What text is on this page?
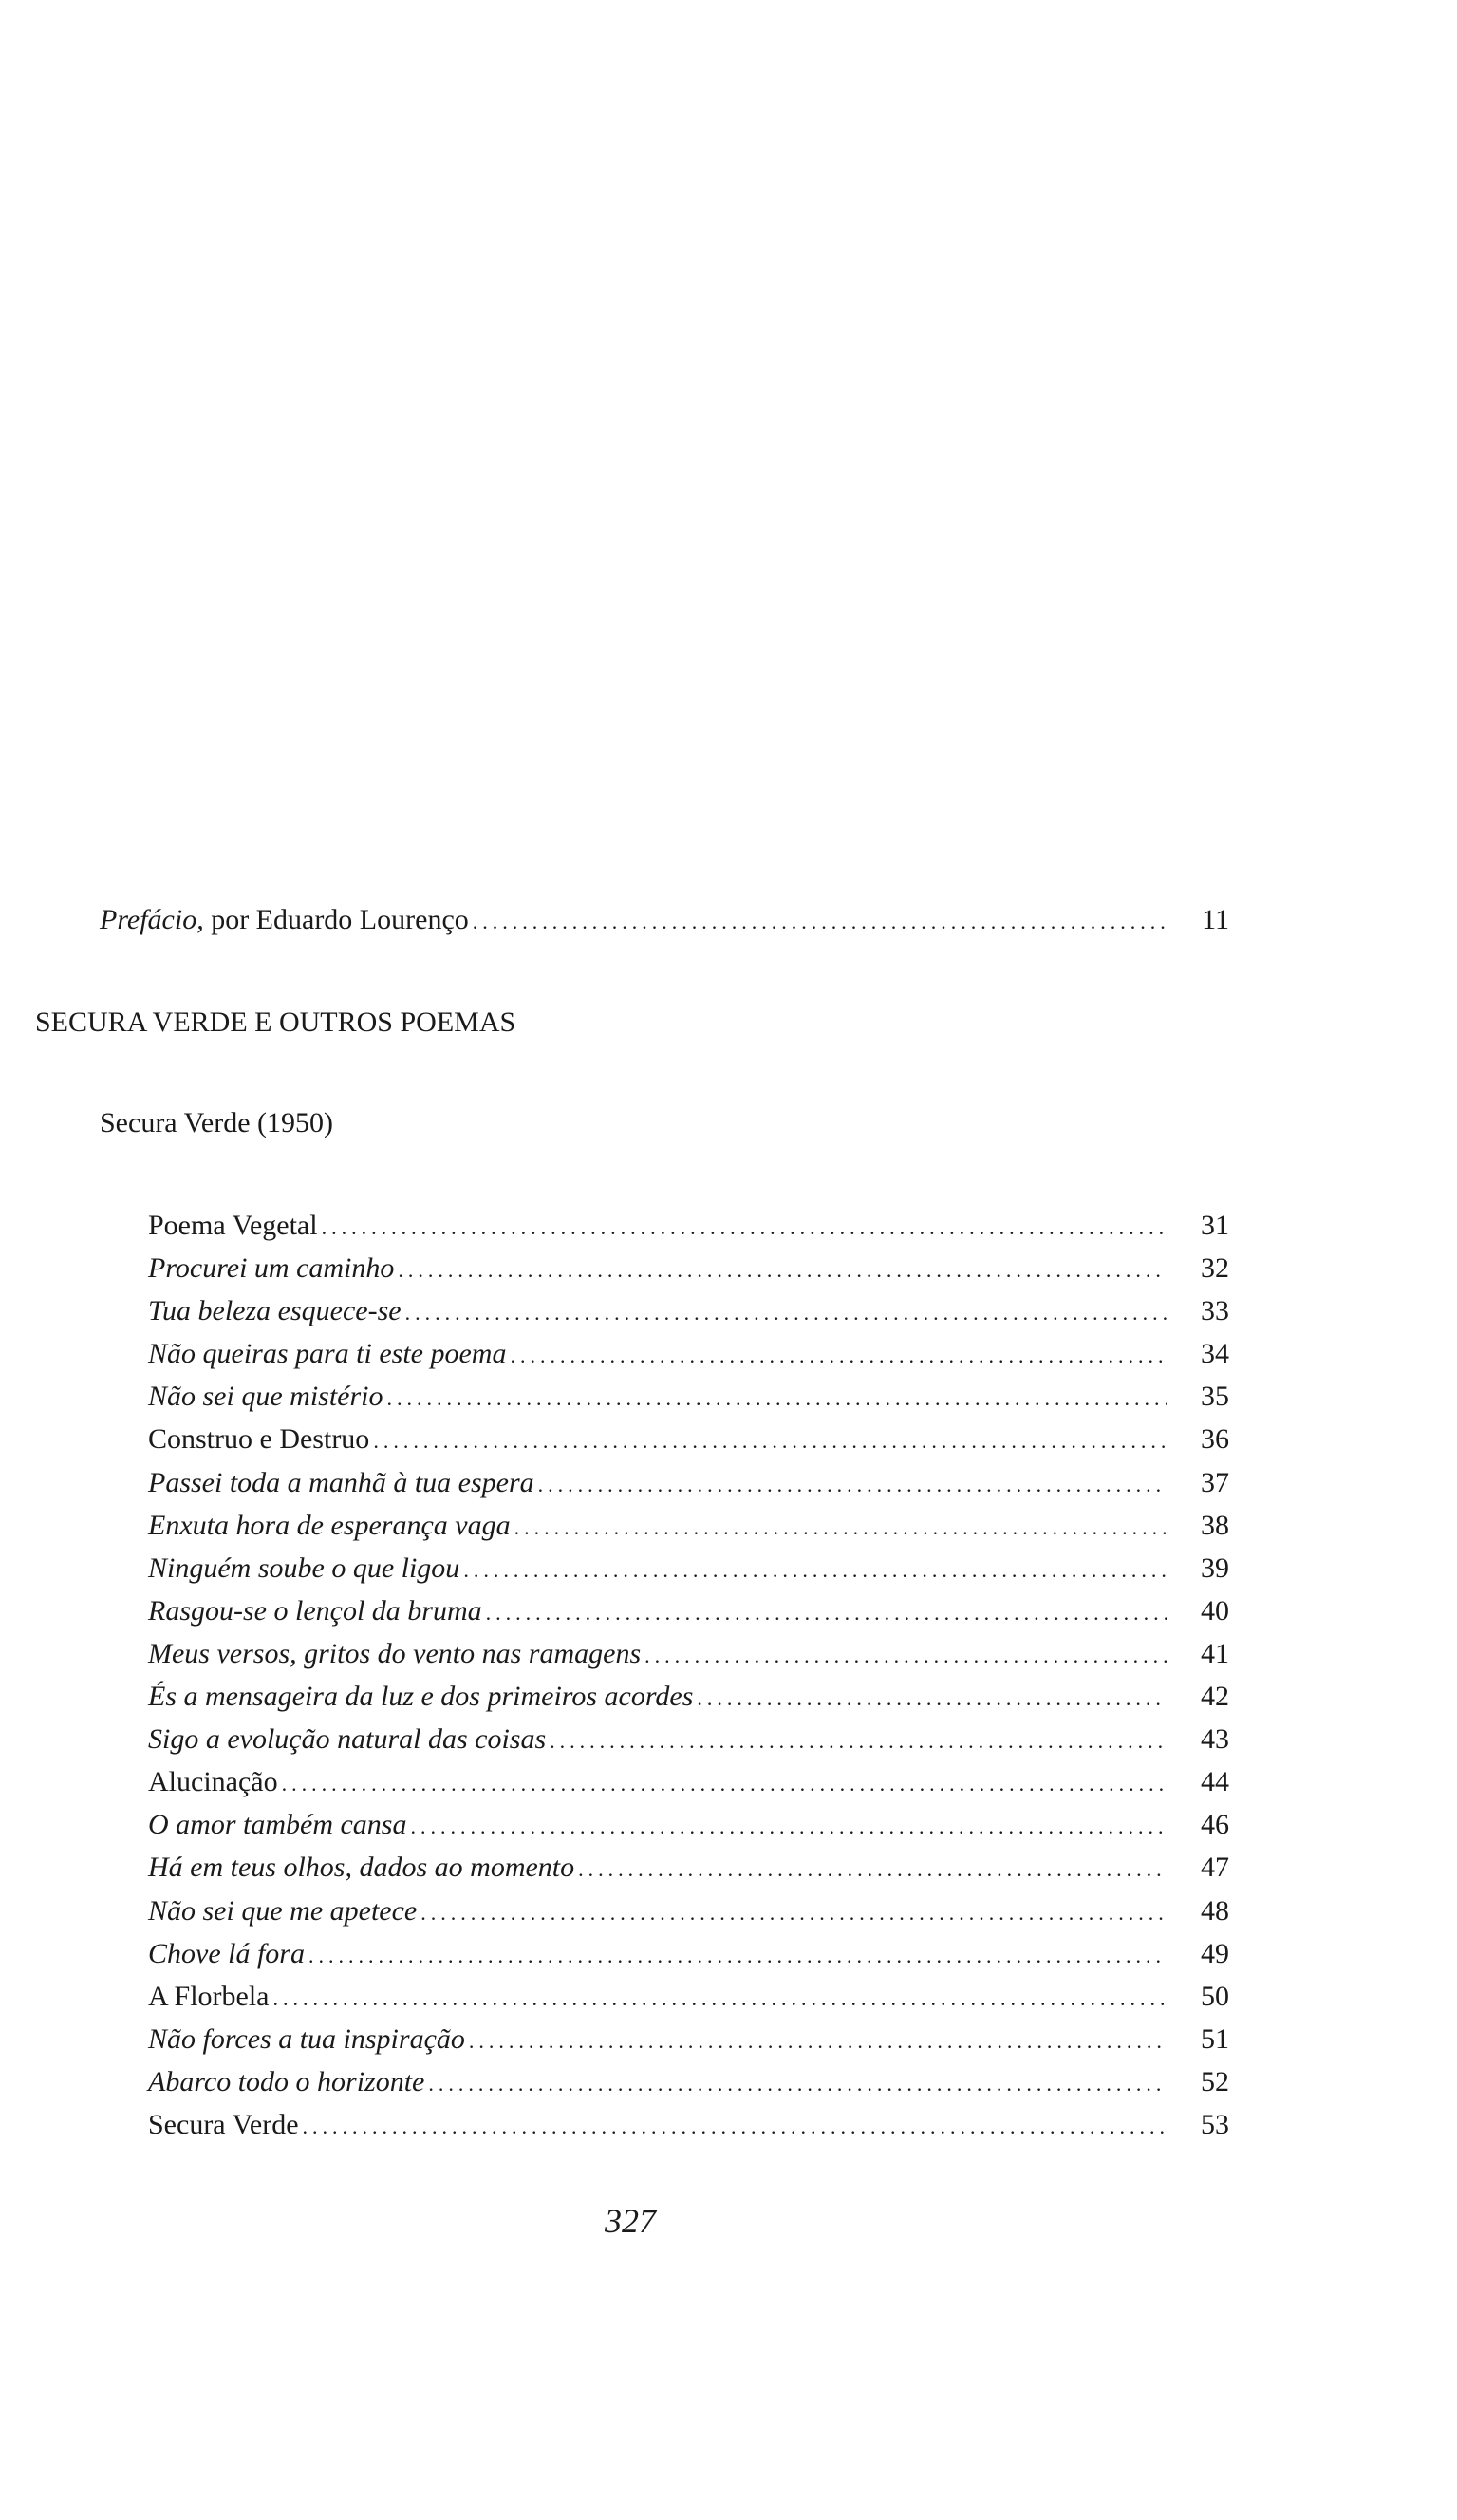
Prefácio, por Eduardo Lourenço .....	11
SECURA VERDE E OUTROS POEMAS
Secura Verde (1950)
Poema Vegetal .....	31
Procurei um caminho .....	32
Tua beleza esquece-se .....	33
Não queiras para ti este poema .....	34
Não sei que mistério .....	35
Construo e Destruo .....	36
Passei toda a manhã à tua espera .....	37
Enxuta hora de esperança vaga .....	38
Ninguém soube o que ligou .....	39
Rasgou-se o lençol da bruma .....	40
Meus versos, gritos do vento nas ramagens .....	41
És a mensageira da luz e dos primeiros acordes .....	42
Sigo a evolução natural das coisas .....	43
Alucinação .....	44
O amor também cansa .....	46
Há em teus olhos, dados ao momento .....	47
Não sei que me apetece .....	48
Chove lá fora .....	49
A Florbela .....	50
Não forces a tua inspiração .....	51
Abarco todo o horizonte .....	52
Secura Verde .....	53
327
